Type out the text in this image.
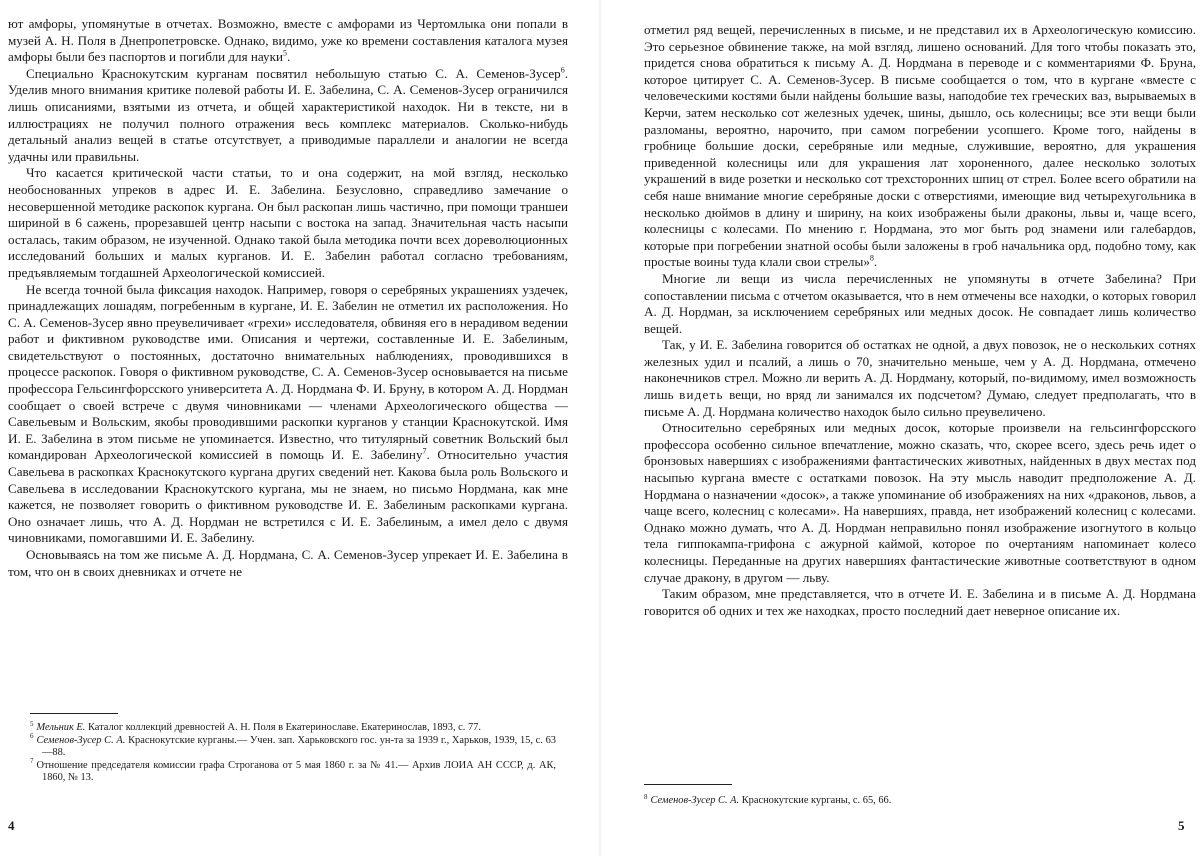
ют амфоры, упомянутые в отчетах. Возможно, вместе с амфорами из Чертомлыка они попали в музей А. Н. Поля в Днепропетровске. Однако, видимо, уже ко времени составления каталога музея амфоры были без паспортов и погибли для науки$^5$.

Специально Краснокутским курганам посвятил небольшую статью С. А. Семенов-Зусер$^6$. Уделив много внимания критике полевой работы И. Е. Забелина, С. А. Семенов-Зусер ограничился лишь описаниями, взятыми из отчета, и общей характеристикой находок. Ни в тексте, ни в иллюстрациях не получил полного отражения весь комплекс материалов. Сколько-нибудь детальный анализ вещей в статье отсутствует, а приводимые параллели и аналогии не всегда удачны или правильны.

Что касается критической части статьи, то и она содержит, на мой взгляд, несколько необоснованных упреков в адрес И. Е. Забелина. Безусловно, справедливо замечание о несовершенной методике раскопок кургана. Он был раскопан лишь частично, при помощи траншеи шириной в 6 сажень, прорезавшей центр насыпи с востока на запад. Значительная часть насыпи осталась, таким образом, не изученной. Однако такой была методика почти всех дореволюционных исследований больших и малых курганов. И. Е. Забелин работал согласно требованиям, предъявляемым тогдашней Археологической комиссией.

Не всегда точной была фиксация находок. Например, говоря о серебряных украшениях уздечек, принадлежащих лошадям, погребенным в кургане, И. Е. Забелин не отметил их расположения. Но С. А. Семенов-Зусер явно преувеличивает «грехи» исследователя, обвиняя его в нерадивом ведении работ и фиктивном руководстве ими. Описания и чертежи, составленные И. Е. Забелиным, свидетельствуют о постоянных, достаточно внимательных наблюдениях, проводившихся в процессе раскопок. Говоря о фиктивном руководстве, С. А. Семенов-Зусер основывается на письме профессора Гельсингфорсского университета А. Д. Нордмана Ф. И. Бруну, в котором А. Д. Нордман сообщает о своей встрече с двумя чиновниками — членами Археологического общества — Савельевым и Вольским, якобы проводившими раскопки курганов у станции Краснокутской. Имя И. Е. Забелина в этом письме не упоминается. Известно, что титулярный советник Вольский был командирован Археологической комиссией в помощь И. Е. Забелину$^7$. Относительно участия Савельева в раскопках Краснокутского кургана других сведений нет. Какова была роль Вольского и Савельева в исследовании Краснокутского кургана, мы не знаем, но письмо Нордмана, как мне кажется, не позволяет говорить о фиктивном руководстве И. Е. Забелиным раскопками кургана. Оно означает лишь, что А. Д. Нордман не встретился с И. Е. Забелиным, а имел дело с двумя чиновниками, помогавшими И. Е. Забелину.

Основываясь на том же письме А. Д. Нордмана, С. А. Семенов-Зусер упрекает И. Е. Забелина в том, что он в своих дневниках и отчете не

$^5$ Мельник Е. Каталог коллекций древностей А. Н. Поля в Екатеринославе. Екатеринослав, 1893, с. 77.

$^6$ Семенов-Зусер С. А. Краснокутские курганы.— Учен. зап. Харьковского гос. ун-та за 1939 г., Харьков, 1939, 15, с. 63—88.

$^7$ Отношение председателя комиссии графа Строганова от 5 мая 1860 г. за № 41.— Архив ЛОИА АН СССР, д. АК, 1860, № 13.

4

отметил ряд вещей, перечисленных в письме, и не представил их в Археологическую комиссию. Это серьезное обвинение также, на мой взгляд, лишено оснований. Для того чтобы показать это, придется снова обратиться к письму А. Д. Нордмана в переводе и с комментариями Ф. Бруна, которое цитирует С. А. Семенов-Зусер. В письме сообщается о том, что в кургане «вместе с человеческими костями были найдены большие вазы, наподобие тех греческих ваз, вырываемых в Керчи, затем несколько сот железных удечек, шины, дышло, ось колесницы; все эти вещи были разломаны, вероятно, нарочито, при самом погребении усопшего. Кроме того, найдены в гробнице большие доски, серебряные или медные, служившие, вероятно, для украшения приведенной колесницы или для украшения лат хороненного, далее несколько золотых украшений в виде розетки и несколько сот трехсторонних шпиц от стрел. Более всего обратили на себя наше внимание многие серебряные доски с отверстиями, имеющие вид четырехугольника в несколько дюймов в длину и ширину, на коих изображены были драконы, львы и, чаще всего, колесницы с колесами. По мнению г. Нордмана, это мог быть род знамени или галебардов, которые при погребении знатной особы были заложены в гроб начальника орд, подобно тому, как простые воины туда клали свои стрелы»$^8$.

Многие ли вещи из числа перечисленных не упомянуты в отчете Забелина? При сопоставлении письма с отчетом оказывается, что в нем отмечены все находки, о которых говорил А. Д. Нордман, за исключением серебряных или медных досок. Не совпадает лишь количество вещей.

Так, у И. Е. Забелина говорится об остатках не одной, а двух повозок, не о нескольких сотнях железных удил и псалий, а лишь о 70, значительно меньше, чем у А. Д. Нордмана, отмечено наконечников стрел. Можно ли верить А. Д. Нордману, который, по-видимому, имел возможность лишь видеть вещи, но вряд ли занимался их подсчетом? Думаю, следует предполагать, что в письме А. Д. Нордмана количество находок было сильно преувеличено.

Относительно серебряных или медных досок, которые произвели на гельсингфорсского профессора особенно сильное впечатление, можно сказать, что, скорее всего, здесь речь идет о бронзовых навершиях с изображениями фантастических животных, найденных в двух местах под насыпью кургана вместе с остатками повозок. На эту мысль наводит предположение А. Д. Нордмана о назначении «досок», а также упоминание об изображениях на них «драконов, львов, а чаще всего, колесниц с колесами». На навершиях, правда, нет изображений колесниц с колесами. Однако можно думать, что А. Д. Нордман неправильно понял изображение изогнутого в кольцо тела гиппокампа-грифона с ажурной каймой, которое по очертаниям напоминает колесо колесницы. Переданные на других навершиях фантастические животные соответствуют в одном случае дракону, в другом — льву.

Таким образом, мне представляется, что в отчете И. Е. Забелина и в письме А. Д. Нордмана говорится об одних и тех же находках, просто последний дает неверное описание их.

$^8$ Семенов-Зусер С. А. Краснокутские курганы, с. 65, 66.

5
